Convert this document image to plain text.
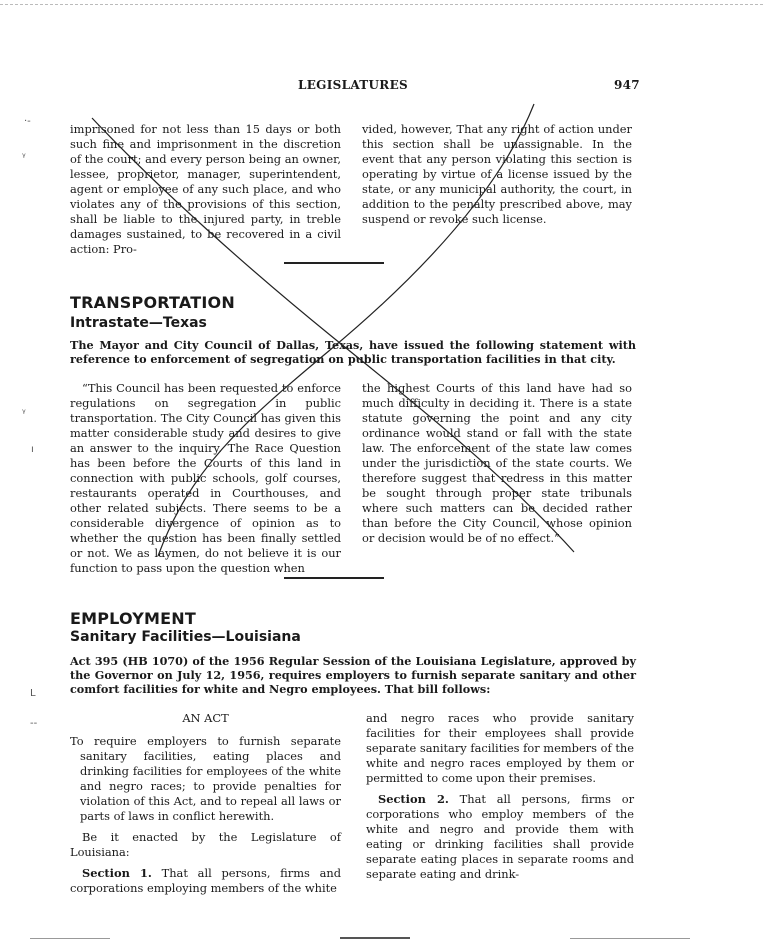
·-
ᵞ
ᵞ
ı
L
--
LEGISLATURES	947

imprisoned for not less than 15 days or both such fine and imprisonment in the discretion of the court; and every person being an owner, lessee, proprietor, manager, superintendent, agent or employee of any such place, and who violates any of the provisions of this section, shall be liable to the injured party, in treble damages sustained, to be recovered in a civil action: Pro-

vided, however, That any right of action under this section shall be unassignable. In the event that any person violating this section is operating by virtue of a license issued by the state, or any municipal authority, the court, in addition to the penalty prescribed above, may suspend or revoke such license.

TRANSPORTATION
Intrastate—Texas
The Mayor and City Council of Dallas, Texas, have issued the following statement with reference to enforcement of segregation on public transportation facilities in that city.

“This Council has been requested to enforce regulations on segregation in public transportation. The City Council has given this matter considerable study and desires to give an answer to the inquiry. The Race Question has been before the Courts of this land in connection with public schools, golf courses, restaurants operated in Courthouses, and other related subjects. There seems to be a considerable divergence of opinion as to whether the question has been finally settled or not. We as laymen, do not believe it is our function to pass upon the question when

the highest Courts of this land have had so much difficulty in deciding it. There is a state statute governing the point and any city ordinance would stand or fall with the state law. The enforcement of the state law comes under the jurisdiction of the state courts. We therefore suggest that redress in this matter be sought through proper state tribunals where such matters can be decided rather than before the City Council, whose opinion or decision would be of no effect.”

EMPLOYMENT
Sanitary Facilities—Louisiana
Act 395 (HB 1070) of the 1956 Regular Session of the Louisiana Legislature, approved by the Governor on July 12, 1956, requires employers to furnish separate sanitary and other comfort facilities for white and Negro employees. That bill follows:

AN ACT

To require employers to furnish separate sanitary facilities, eating places and drinking facilities for employees of the white and negro races; to provide penalties for violation of this Act, and to repeal all laws or parts of laws in conflict herewith.

Be it enacted by the Legislature of Louisiana:

Section 1. That all persons, firms and corporations employing members of the white

and negro races who provide sanitary facilities for their employees shall provide separate sanitary facilities for members of the white and negro races employed by them or permitted to come upon their premises.

Section 2. That all persons, firms or corporations who employ members of the white and negro and provide them with eating or drinking facilities shall provide separate eating places in separate rooms and separate eating and drink-
